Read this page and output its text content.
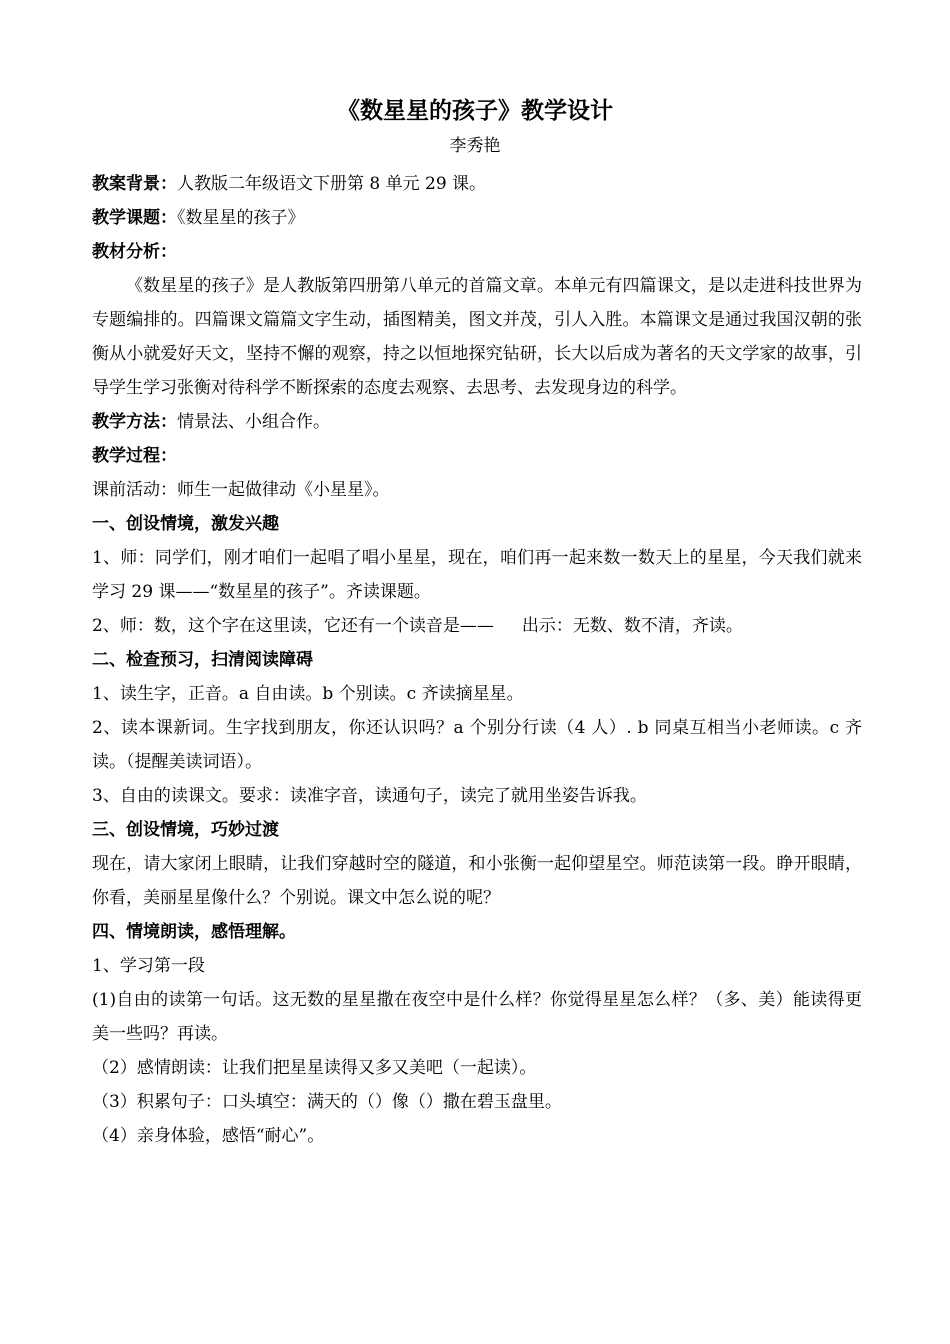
《数星星的孩子》教学设计
李秀艳

教案背景：人教版二年级语文下册第 8 单元 29 课。

教学课题：《数星星的孩子》

教材分析：

《数星星的孩子》是人教版第四册第八单元的首篇文章。本单元有四篇课文，是以走进科技世界为专题编排的。四篇课文篇篇文字生动，插图精美，图文并茂，引人入胜。本篇课文是通过我国汉朝的张衡从小就爱好天文，坚持不懈的观察，持之以恒地探究钻研，长大以后成为著名的天文学家的故事，引导学生学习张衡对待科学不断探索的态度去观察、去思考、去发现身边的科学。

教学方法：情景法、小组合作。

教学过程：

课前活动：师生一起做律动《小星星》。

一、创设情境，激发兴趣

1、师：同学们，刚才咱们一起唱了唱小星星，现在，咱们再一起来数一数天上的星星，今天我们就来学习 29 课——“数星星的孩子”。齐读课题。

2、师：数，这个字在这里读，它还有一个读音是—— 出示：无数、数不清，齐读。

二、检查预习，扫清阅读障碍

1、读生字，正音。a 自由读。b 个别读。c 齐读摘星星。

2、读本课新词。生字找到朋友，你还认识吗？a 个别分行读（4 人）. b 同桌互相当小老师读。c 齐读。（提醒美读词语）。

3、自由的读课文。要求：读准字音，读通句子，读完了就用坐姿告诉我。

三、创设情境，巧妙过渡

现在，请大家闭上眼睛，让我们穿越时空的隧道，和小张衡一起仰望星空。师范读第一段。睁开眼睛，你看，美丽星星像什么？个别说。课文中怎么说的呢？

四、情境朗读，感悟理解。

1、学习第一段

(1)自由的读第一句话。这无数的星星撒在夜空中是什么样？你觉得星星怎么样？（多、美）能读得更美一些吗？再读。

（2）感情朗读：让我们把星星读得又多又美吧（一起读）。

（3）积累句子：口头填空：满天的（）像（）撒在碧玉盘里。

（4）亲身体验，感悟“耐心”。
